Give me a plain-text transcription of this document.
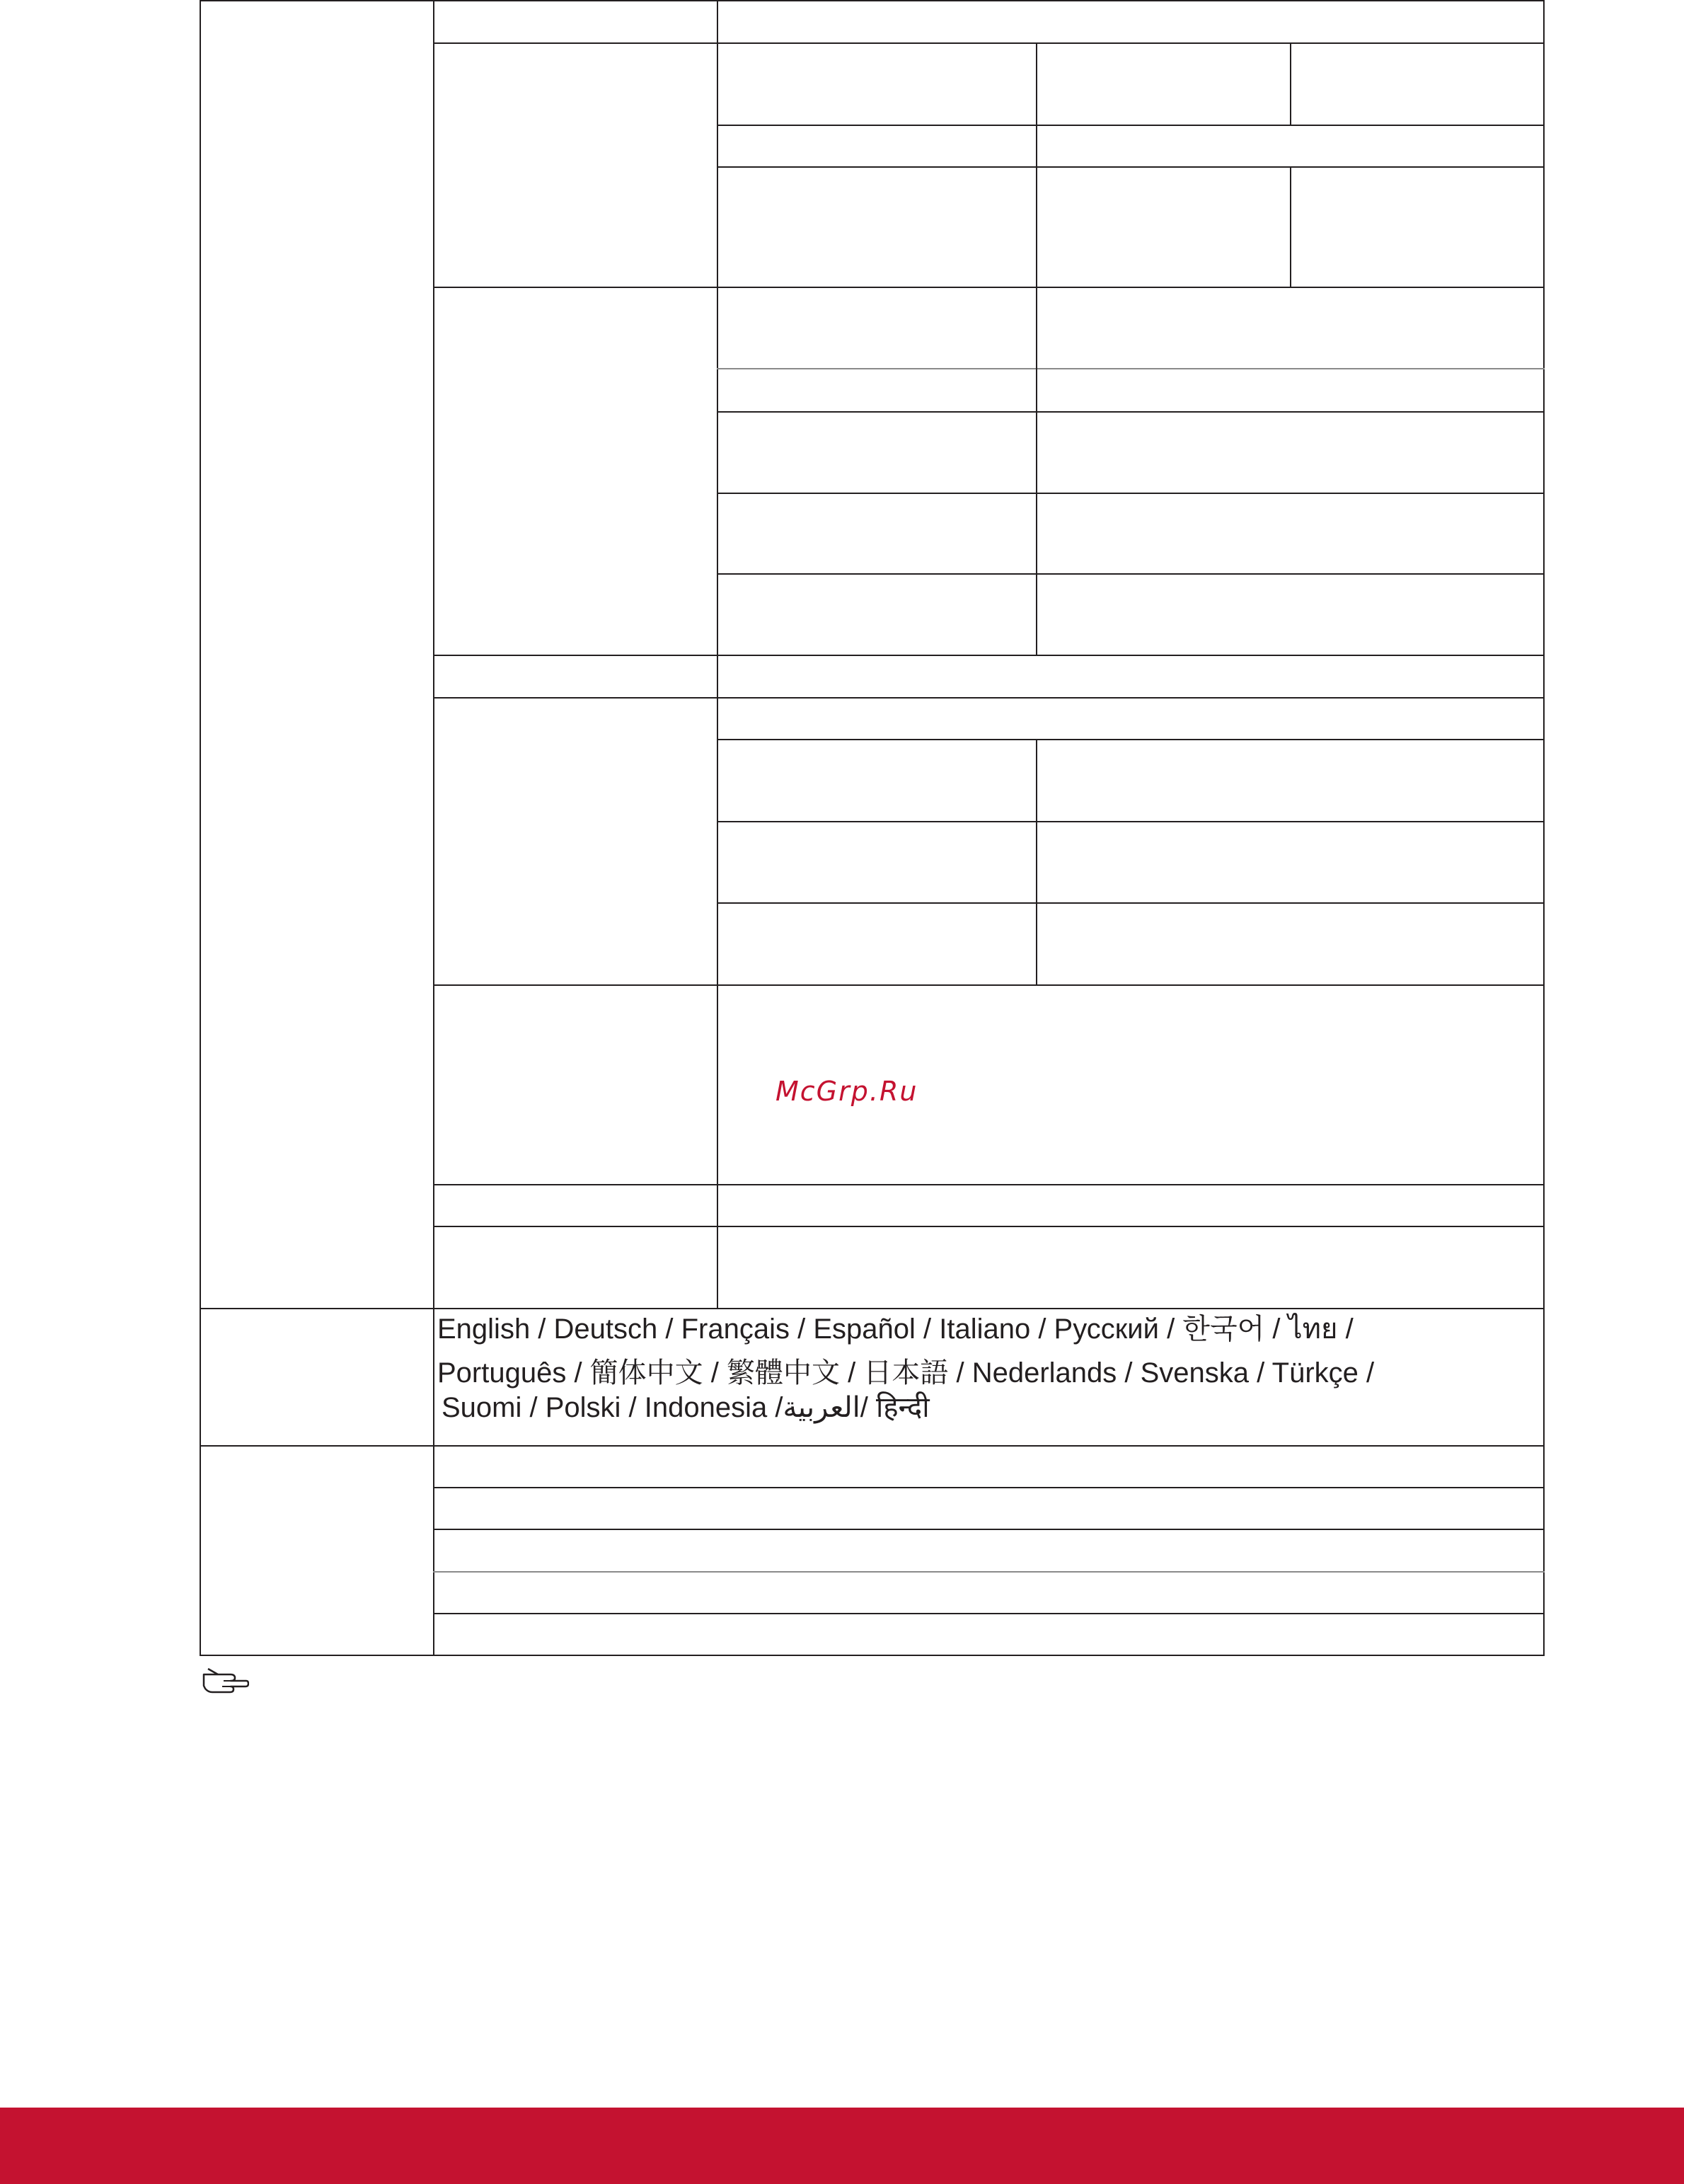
English / Deutsch / Français / Español / Italiano / Русский / 한국어 / ไทย /
Português / 簡体中文 / 繁體中文 / 日本語 / Nederlands / Svenska / Türkçe /
Suomi / Polski / Indonesia /العربية/ हिन्दी
McGrp.Ru
